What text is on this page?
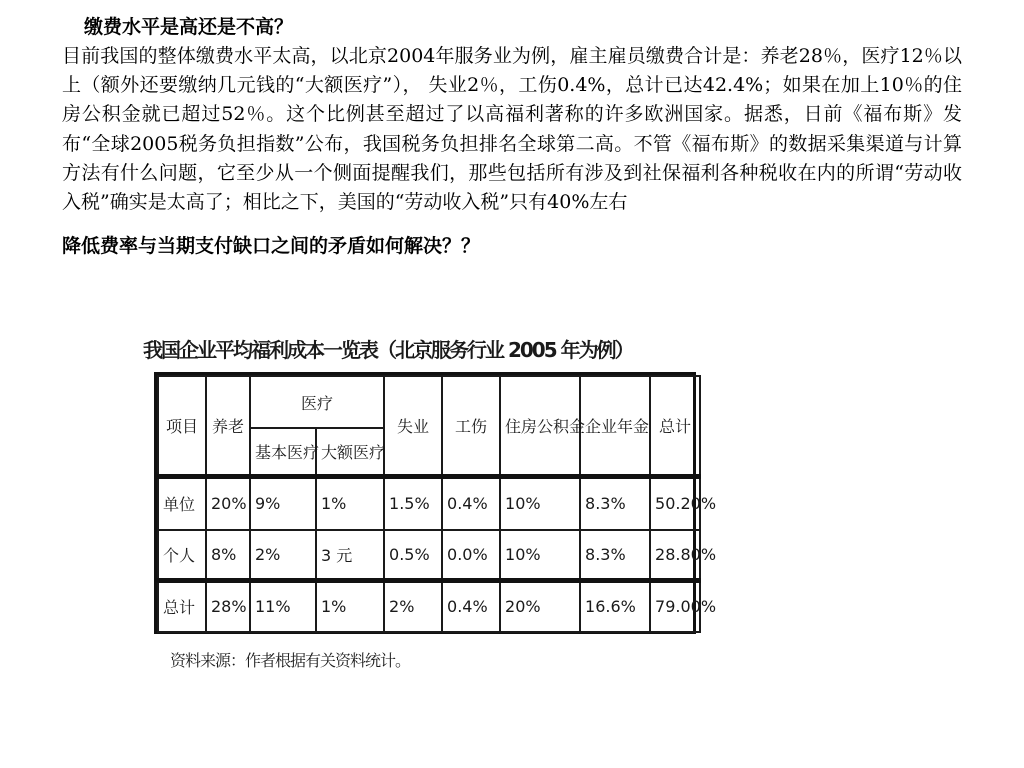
缴费水平是高还是不高？
目前我国的整体缴费水平太高，以北京2004年服务业为例，雇主雇员缴费合计是：养老28％，医疗12％以上（额外还要缴纳几元钱的“大额医疗”）， 失业2％，工伤0.4%，总计已达42.4%；如果在加上10％的住房公积金就已超过52％。这个比例甚至超过了以高福利著称的许多欧洲国家。据悉，日前《福布斯》发布“全球2005税务负担指数”公布，我国税务负担排名全球第二高。不管《福布斯》的数据采集渠道与计算方法有什么问题，它至少从一个侧面提醒我们，那些包括所有涉及到社保福利各种税收在内的所谓“劳动收入税”确实是太高了；相比之下，美国的“劳动收入税”只有40%左右
降低费率与当期支付缺口之间的矛盾如何解决？？
我国企业平均福利成本一览表（北京服务行业 2005 年为例）
项目	养老	医疗		失业	工伤	住房公积金	企业年金	总计
		基本医疗	大额医疗					
单位	20%	9%	1%	1.5%	0.4%	10%	8.3%	50.20%
个人	8%	2%	3 元	0.5%	0.0%	10%	8.3%	28.80%
总计	28%	11%	1%	2%	0.4%	20%	16.6%	79.00%
资料来源：作者根据有关资料统计。
